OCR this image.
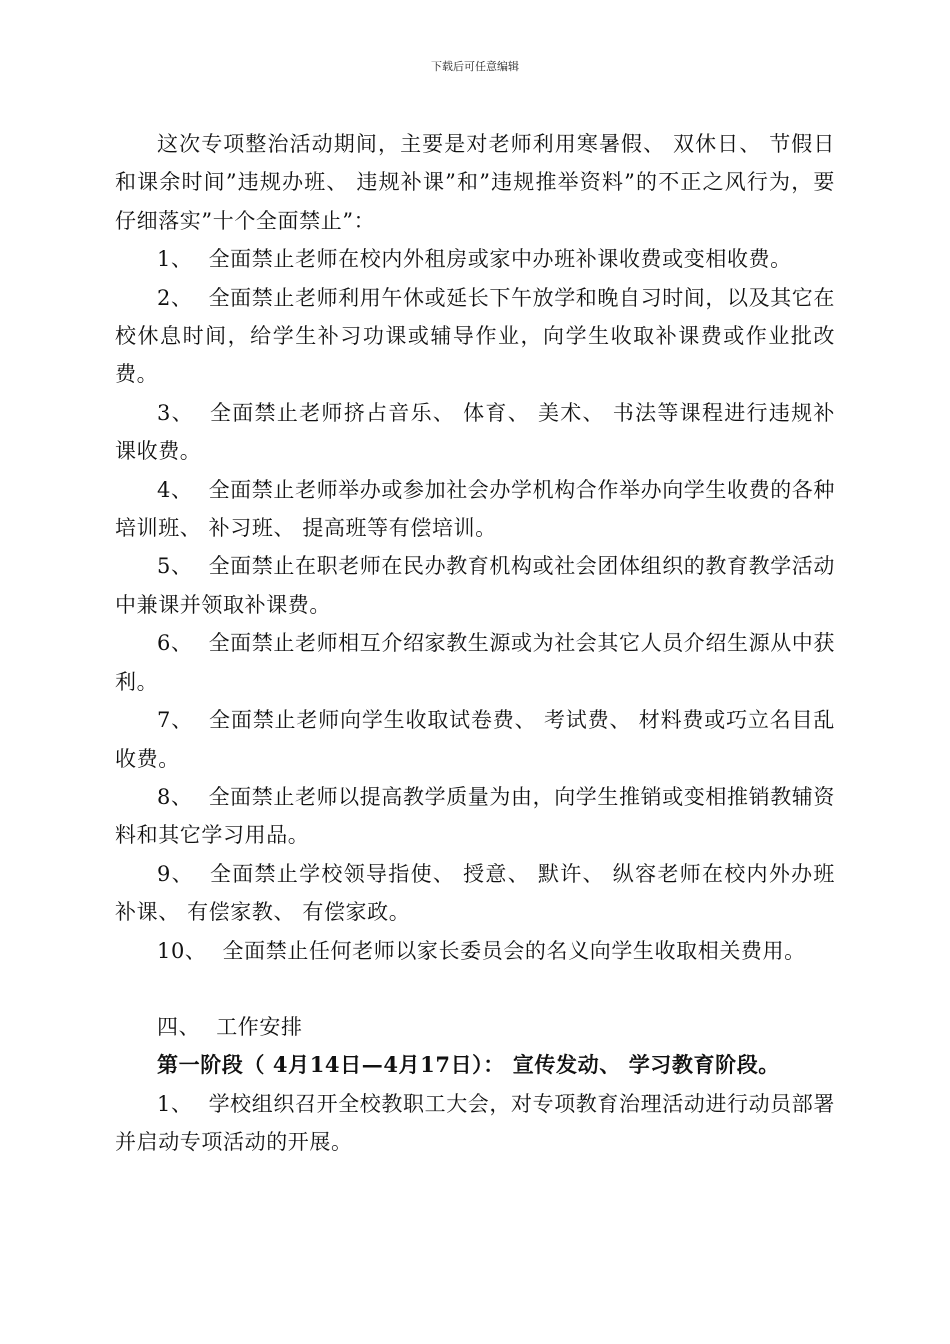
下载后可任意编辑

这次专项整治活动期间，主要是对老师利用寒暑假、 双休日、 节假日和课余时间”违规办班、 违规补课”和”违规推举资料”的不正之风行为，要仔细落实”十个全面禁止”：

1、 全面禁止老师在校内外租房或家中办班补课收费或变相收费。

2、 全面禁止老师利用午休或延长下午放学和晚自习时间，以及其它在校休息时间，给学生补习功课或辅导作业，向学生收取补课费或作业批改费。

3、 全面禁止老师挤占音乐、 体育、 美术、 书法等课程进行违规补课收费。

4、 全面禁止老师举办或参加社会办学机构合作举办向学生收费的各种培训班、 补习班、 提高班等有偿培训。

5、 全面禁止在职老师在民办教育机构或社会团体组织的教育教学活动中兼课并领取补课费。

6、 全面禁止老师相互介绍家教生源或为社会其它人员介绍生源从中获利。

7、 全面禁止老师向学生收取试卷费、 考试费、 材料费或巧立名目乱收费。

8、 全面禁止老师以提高教学质量为由，向学生推销或变相推销教辅资料和其它学习用品。

9、 全面禁止学校领导指使、 授意、 默许、 纵容老师在校内外办班补课、 有偿家教、 有偿家政。

10、 全面禁止任何老师以家长委员会的名义向学生收取相关费用。

四、 工作安排

第一阶段（ 4月14日—4月17日）： 宣传发动、 学习教育阶段。

1、 学校组织召开全校教职工大会，对专项教育治理活动进行动员部署并启动专项活动的开展。
